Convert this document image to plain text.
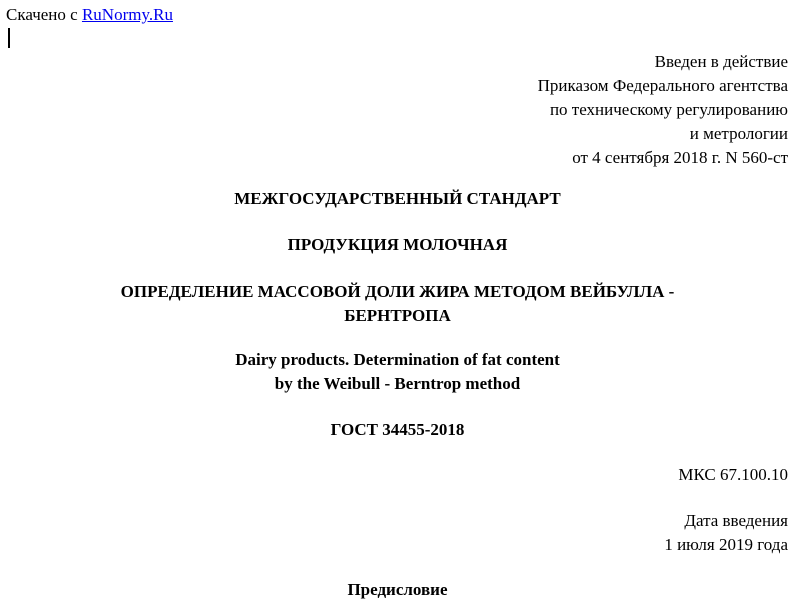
Скачено с RuNormy.Ru
Введен в действие
Приказом Федерального агентства
по техническому регулированию
и метрологии
от 4 сентября 2018 г. N 560-ст
МЕЖГОСУДАРСТВЕННЫЙ СТАНДАРТ
ПРОДУКЦИЯ МОЛОЧНАЯ
ОПРЕДЕЛЕНИЕ МАССОВОЙ ДОЛИ ЖИРА МЕТОДОМ ВЕЙБУЛЛА -
БЕРНТРОПА
Dairy products. Determination of fat content
by the Weibull - Berntrop method
ГОСТ 34455-2018
МКС 67.100.10
Дата введения
1 июля 2019 года
Предисловие
